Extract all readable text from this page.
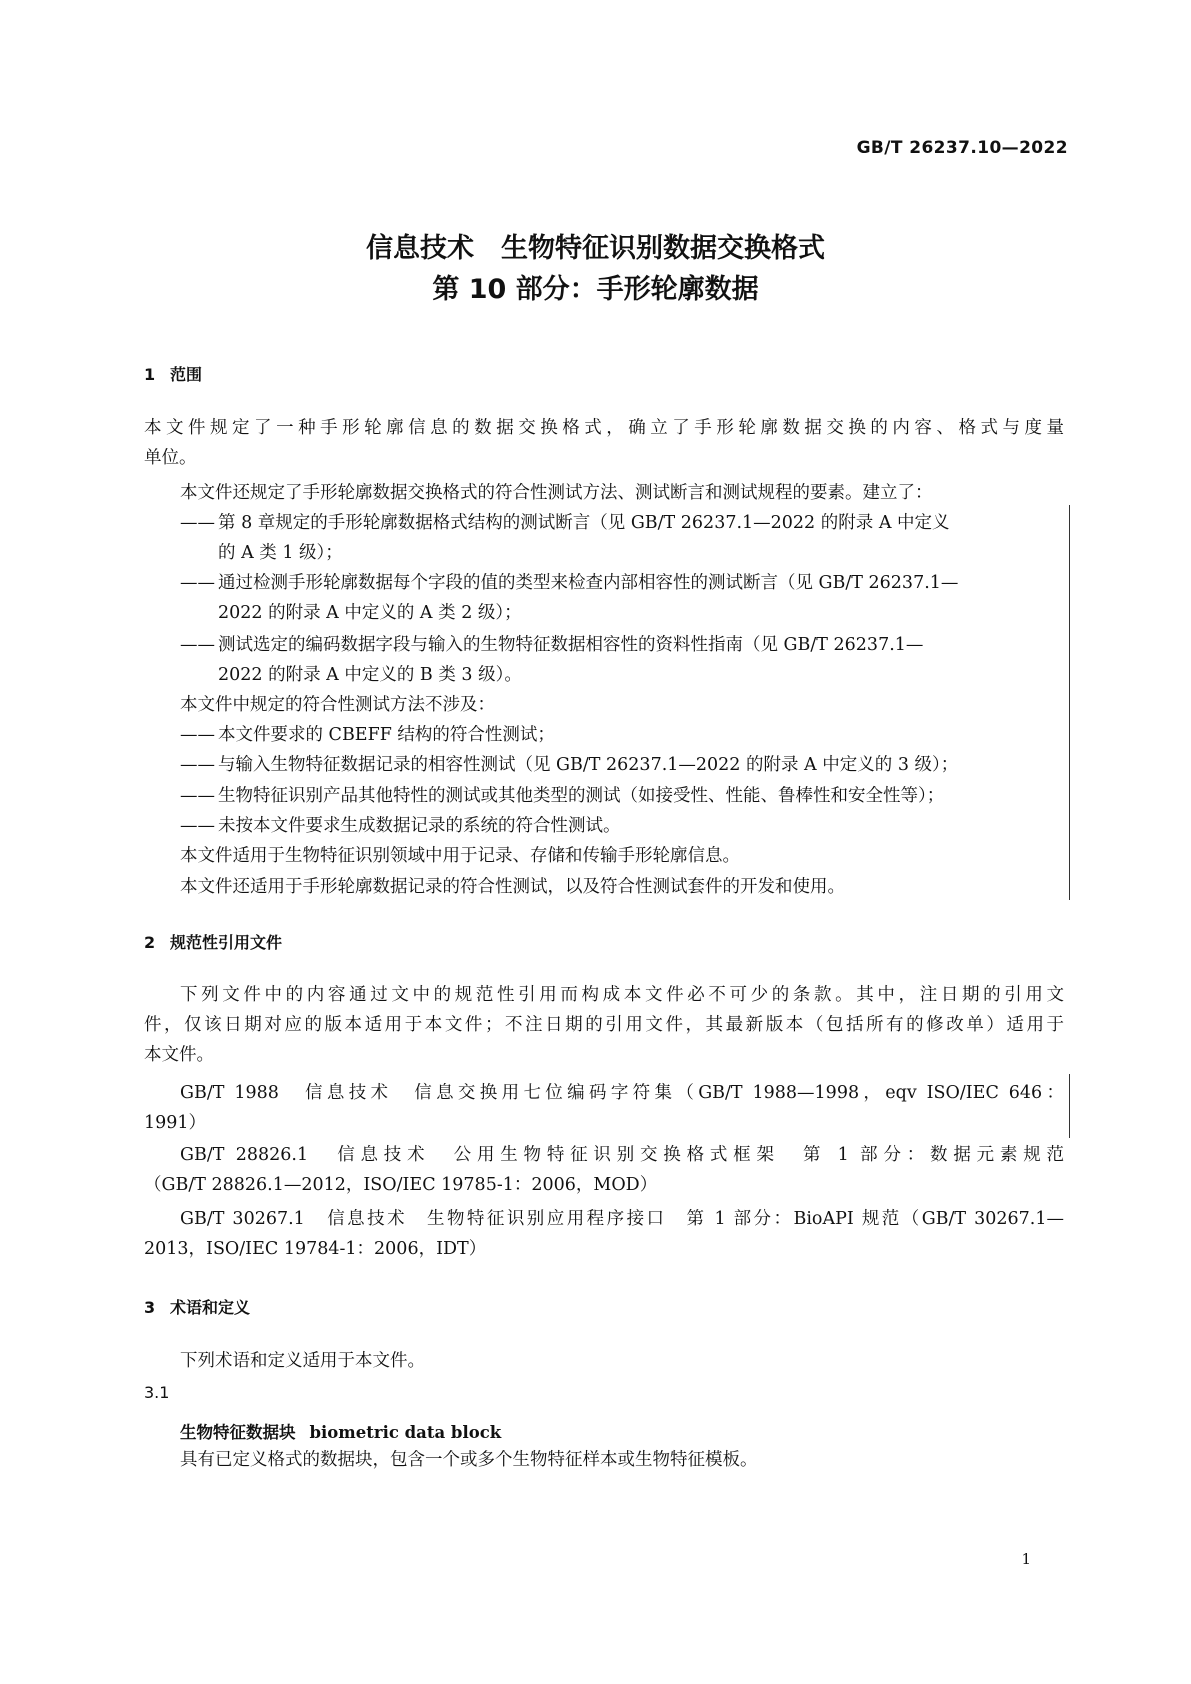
GB/T 26237.10—2022
信息技术　生物特征识别数据交换格式
第 10 部分：手形轮廓数据
1 范围
本文件规定了一种手形轮廓信息的数据交换格式，确立了手形轮廓数据交换的内容、格式与度量
单位。
本文件还规定了手形轮廓数据交换格式的符合性测试方法、测试断言和测试规程的要素。建立了：
—— 第 8 章规定的手形轮廓数据格式结构的测试断言（见 GB/T 26237.1—2022 的附录 A 中定义
的 A 类 1 级）；
—— 通过检测手形轮廓数据每个字段的值的类型来检查内部相容性的测试断言（见 GB/T 26237.1—
2022 的附录 A 中定义的 A 类 2 级）；
—— 测试选定的编码数据字段与输入的生物特征数据相容性的资料性指南（见 GB/T 26237.1—
2022 的附录 A 中定义的 B 类 3 级）。
本文件中规定的符合性测试方法不涉及：
—— 本文件要求的 CBEFF 结构的符合性测试；
—— 与输入生物特征数据记录的相容性测试（见 GB/T 26237.1—2022 的附录 A 中定义的 3 级）；
—— 生物特征识别产品其他特性的测试或其他类型的测试（如接受性、性能、鲁棒性和安全性等）；
—— 未按本文件要求生成数据记录的系统的符合性测试。
本文件适用于生物特征识别领域中用于记录、存储和传输手形轮廓信息。
本文件还适用于手形轮廓数据记录的符合性测试，以及符合性测试套件的开发和使用。
2 规范性引用文件
下列文件中的内容通过文中的规范性引用而构成本文件必不可少的条款。其中，注日期的引用文
件，仅该日期对应的版本适用于本文件；不注日期的引用文件，其最新版本（包括所有的修改单）适用于
本文件。
GB/T 1988　信息技术　信息交换用七位编码字符集（GB/T 1988—1998，eqv ISO/IEC 646：
1991）
GB/T 28826.1　信息技术　公用生物特征识别交换格式框架　第 1 部分：数据元素规范
（GB/T 28826.1—2012，ISO/IEC 19785-1：2006，MOD）
GB/T 30267.1　信息技术　生物特征识别应用程序接口　第 1 部分：BioAPI 规范（GB/T 30267.1—
2013，ISO/IEC 19784-1：2006，IDT）
3 术语和定义
下列术语和定义适用于本文件。
3.1
生物特征数据块 biometric data block
具有已定义格式的数据块，包含一个或多个生物特征样本或生物特征模板。
1
